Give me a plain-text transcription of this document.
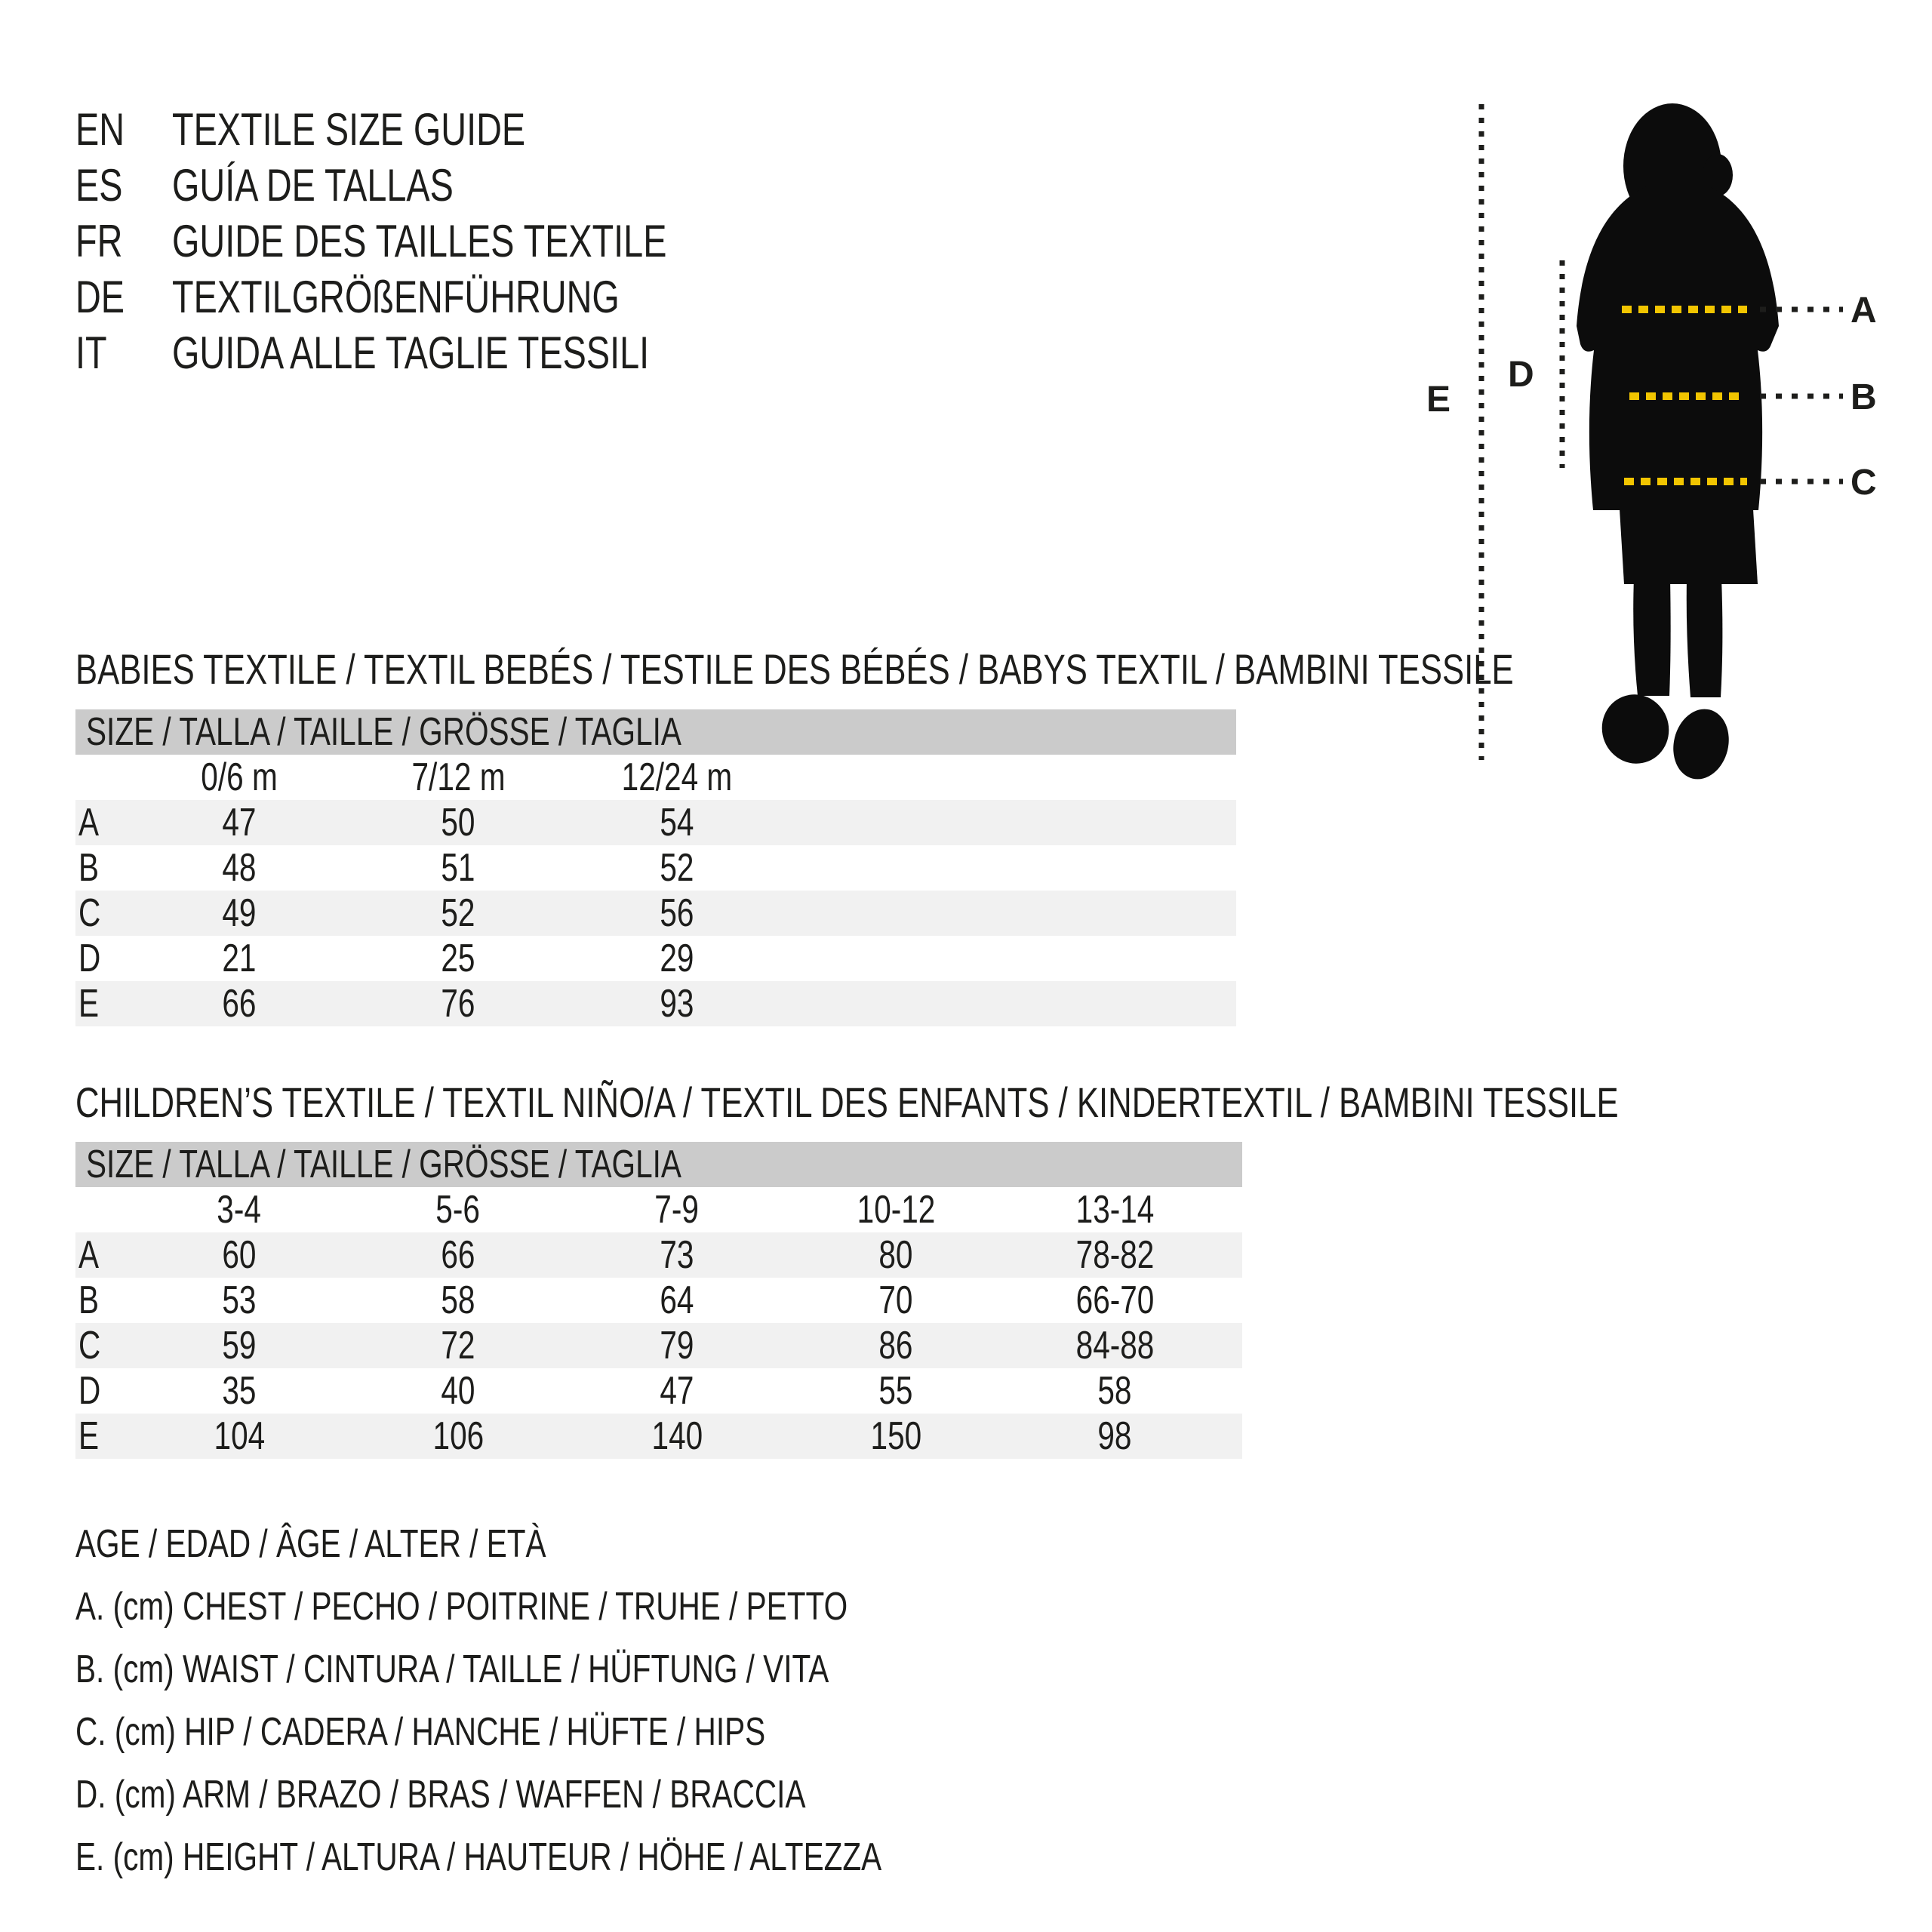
EN	TEXTILE SIZE GUIDE
ES	GUÍA DE TALLAS
FR	GUIDE DES TAILLES TEXTILE
DE	TEXTILGRÖßENFÜHRUNG
IT	GUIDA ALLE TAGLIE TESSILI
E
D
A
B
C
BABIES TEXTILE / TEXTIL BEBÉS / TESTILE DES BÉBÉS / BABYS TEXTIL / BAMBINI TESSILE
SIZE / TALLA / TAILLE / GRÖSSE / TAGLIA				
	0/6 m	7/12 m	12/24 m	
A	47	50	54	
B	48	51	52	
C	49	52	56	
D	21	25	29	
E	66	76	93	
CHILDREN’S TEXTILE / TEXTIL NIÑO/A / TEXTIL DES ENFANTS / KINDERTEXTIL / BAMBINI TESSILE
SIZE / TALLA / TAILLE / GRÖSSE / TAGLIA						
	3-4	5-6	7-9	10-12	13-14	
A	60	66	73	80	78-82	
B	53	58	64	70	66-70	
C	59	72	79	86	84-88	
D	35	40	47	55	58	
E	104	106	140	150	98	
AGE / EDAD / ÂGE / ALTER / ETÀ
A. (cm) CHEST / PECHO / POITRINE / TRUHE / PETTO
B. (cm) WAIST / CINTURA / TAILLE / HÜFTUNG / VITA
C. (cm) HIP / CADERA / HANCHE / HÜFTE / HIPS
D. (cm) ARM / BRAZO / BRAS / WAFFEN / BRACCIA
E. (cm) HEIGHT / ALTURA / HAUTEUR / HÖHE / ALTEZZA
